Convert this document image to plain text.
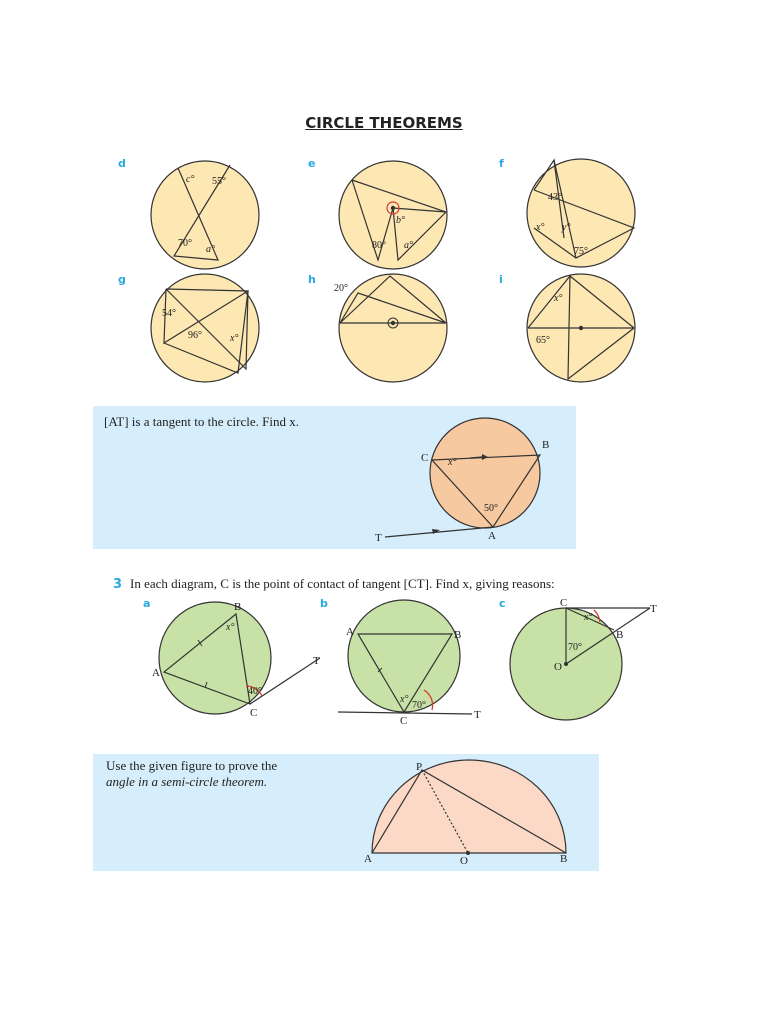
CIRCLE THEOREMS
d	e	f
g	h	i
c° 55°
70°
a°
b°
80° a°
43°
x° y°
75°
54°
96°	x°
20°
x°
65°
[AT] is a tangent to the circle. Find x.
C
B
T	A
x°
50°
3 In each diagram, C is the point of contact of tangent [CT]. Find x, giving reasons:
a	b	c
B
A
T
C
x°
40°
A	B
C	T
x°
70°
C	T
B
O
x°
70°
Use the given figure to prove the
angle in a semi-circle theorem.
P
A	O	B
